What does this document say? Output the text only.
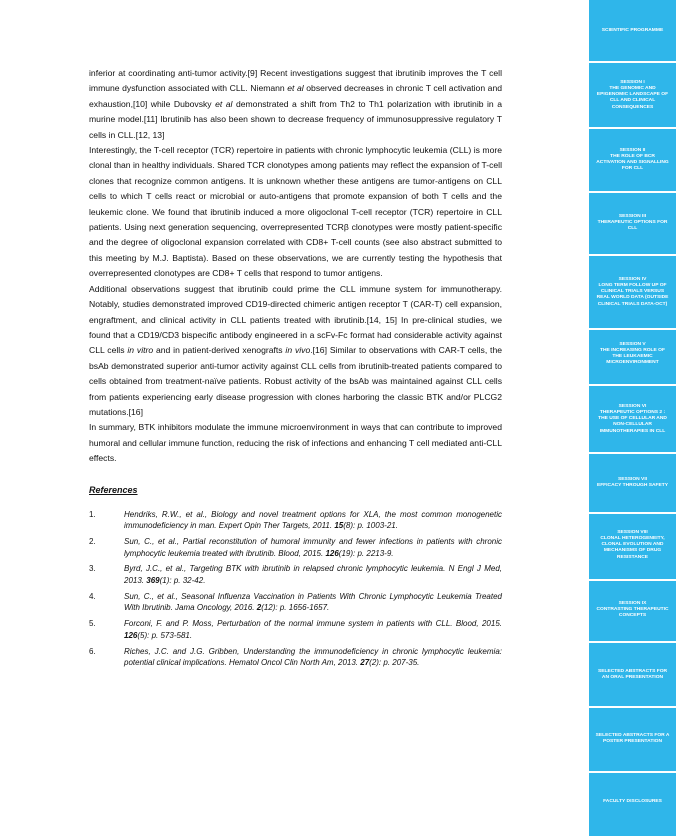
inferior at coordinating anti-tumor activity.[9] Recent investigations suggest that ibrutinib improves the T cell immune dysfunction associated with CLL. Niemann et al observed decreases in chronic T cell activation and exhaustion,[10] while Dubovsky et al demonstrated a shift from Th2 to Th1 polarization with ibrutinib in a murine model.[11] Ibrutinib has also been shown to decrease frequency of immunosuppressive regulatory T cells in CLL.[12, 13]

Interestingly, the T-cell receptor (TCR) repertoire in patients with chronic lymphocytic leukemia (CLL) is more clonal than in healthy individuals. Shared TCR clonotypes among patients may reflect the expansion of T-cell clones that recognize common antigens. It is unknown whether these antigens are tumor-antigens on CLL cells to which T cells react or microbial or auto-antigens that promote expansion of both T cells and the leukemic clone. We found that ibrutinib induced a more oligoclonal T-cell receptor (TCR) repertoire in CLL patients. Using next generation sequencing, overrepresented TCRβ clonotypes were mostly patient-specific and the degree of oligoclonal expansion correlated with CD8+ T-cell counts (see also abstract submitted to this meeting by M.J. Baptista). Based on these observations, we are currently testing the hypothesis that overrepresented clonotypes are CD8+ T cells that respond to tumor antigens.

Additional observations suggest that ibrutinib could prime the CLL immune system for immunotherapy. Notably, studies demonstrated improved CD19-directed chimeric antigen receptor T (CAR-T) cell expansion, engraftment, and clinical activity in CLL patients treated with ibrutinib.[14, 15] In pre-clinical studies, we found that a CD19/CD3 bispecific antibody engineered in a scFv-Fc format had considerable activity against CLL cells in vitro and in patient-derived xenografts in vivo.[16] Similar to observations with CAR-T cells, the bsAb demonstrated superior anti-tumor activity against CLL cells from ibrutinib-treated patients compared to cells obtained from treatment-naïve patients. Robust activity of the bsAb was maintained against CLL cells from patients experiencing early disease progression with clones harboring the classic BTK and/or PLCG2 mutations.[16]

In summary, BTK inhibitors modulate the immune microenvironment in ways that can contribute to improved humoral and cellular immune function, reducing the risk of infections and enhancing T cell mediated anti-CLL effects.

References
1.	Hendriks, R.W., et al., Biology and novel treatment options for XLA, the most common monogenetic immunodeficiency in man. Expert Opin Ther Targets, 2011. 15(8): p. 1003-21.
2.	Sun, C., et al., Partial reconstitution of humoral immunity and fewer infections in patients with chronic lymphocytic leukemia treated with ibrutinib. Blood, 2015. 126(19): p. 2213-9.
3.	Byrd, J.C., et al., Targeting BTK with ibrutinib in relapsed chronic lymphocytic leukemia. N Engl J Med, 2013. 369(1): p. 32-42.
4.	Sun, C., et al., Seasonal Influenza Vaccination in Patients With Chronic Lymphocytic Leukemia Treated With Ibrutinib. Jama Oncology, 2016. 2(12): p. 1656-1657.
5.	Forconi, F. and P. Moss, Perturbation of the normal immune system in patients with CLL. Blood, 2015. 126(5): p. 573-581.
6.	Riches, J.C. and J.G. Gribben, Understanding the immunodeficiency in chronic lymphocytic leukemia: potential clinical implications. Hematol Oncol Clin North Am, 2013. 27(2): p. 207-35.
SCIENTIFIC PROGRAMME
SESSION I
THE GENOMIC AND EPIGENOMIC LANDSCAPE OF CLL AND CLINICAL CONSEQUENCES
SESSION II
THE ROLE OF BCR ACTIVATION AND SIGNALLING FOR CLL
SESSION III
THERAPEUTIC OPTIONS FOR CLL
SESSION IV
LONG TERM FOLLOW UP OF CLINICAL TRIALS VERSUS REAL WORLD DATA (OUTSIDE CLINICAL TRIALS DATA-OCT)
SESSION V
THE INCREASING ROLE OF THE LEUKAEMIC MICROENVIRONMENT
SESSION VI
THERAPEUTIC OPTIONS 2 : THE USE OF CELLULAR AND NON-CELLULAR IMMUNOTHERAPIES IN CLL
SESSION VII
EFFICACY THROUGH SAFETY
SESSION VIII
CLONAL HETEROGENEITY, CLONAL EVOLUTION AND MECHANISMS OF DRUG RESISTANCE
SESSION IX
CONTRASTING THERAPEUTIC CONCEPTS
SELECTED ABSTRACTS FOR AN ORAL PRESENTATION
SELECTED ABSTRACTS FOR A POSTER PRESENTATION
FACULTY DISCLOSURES
